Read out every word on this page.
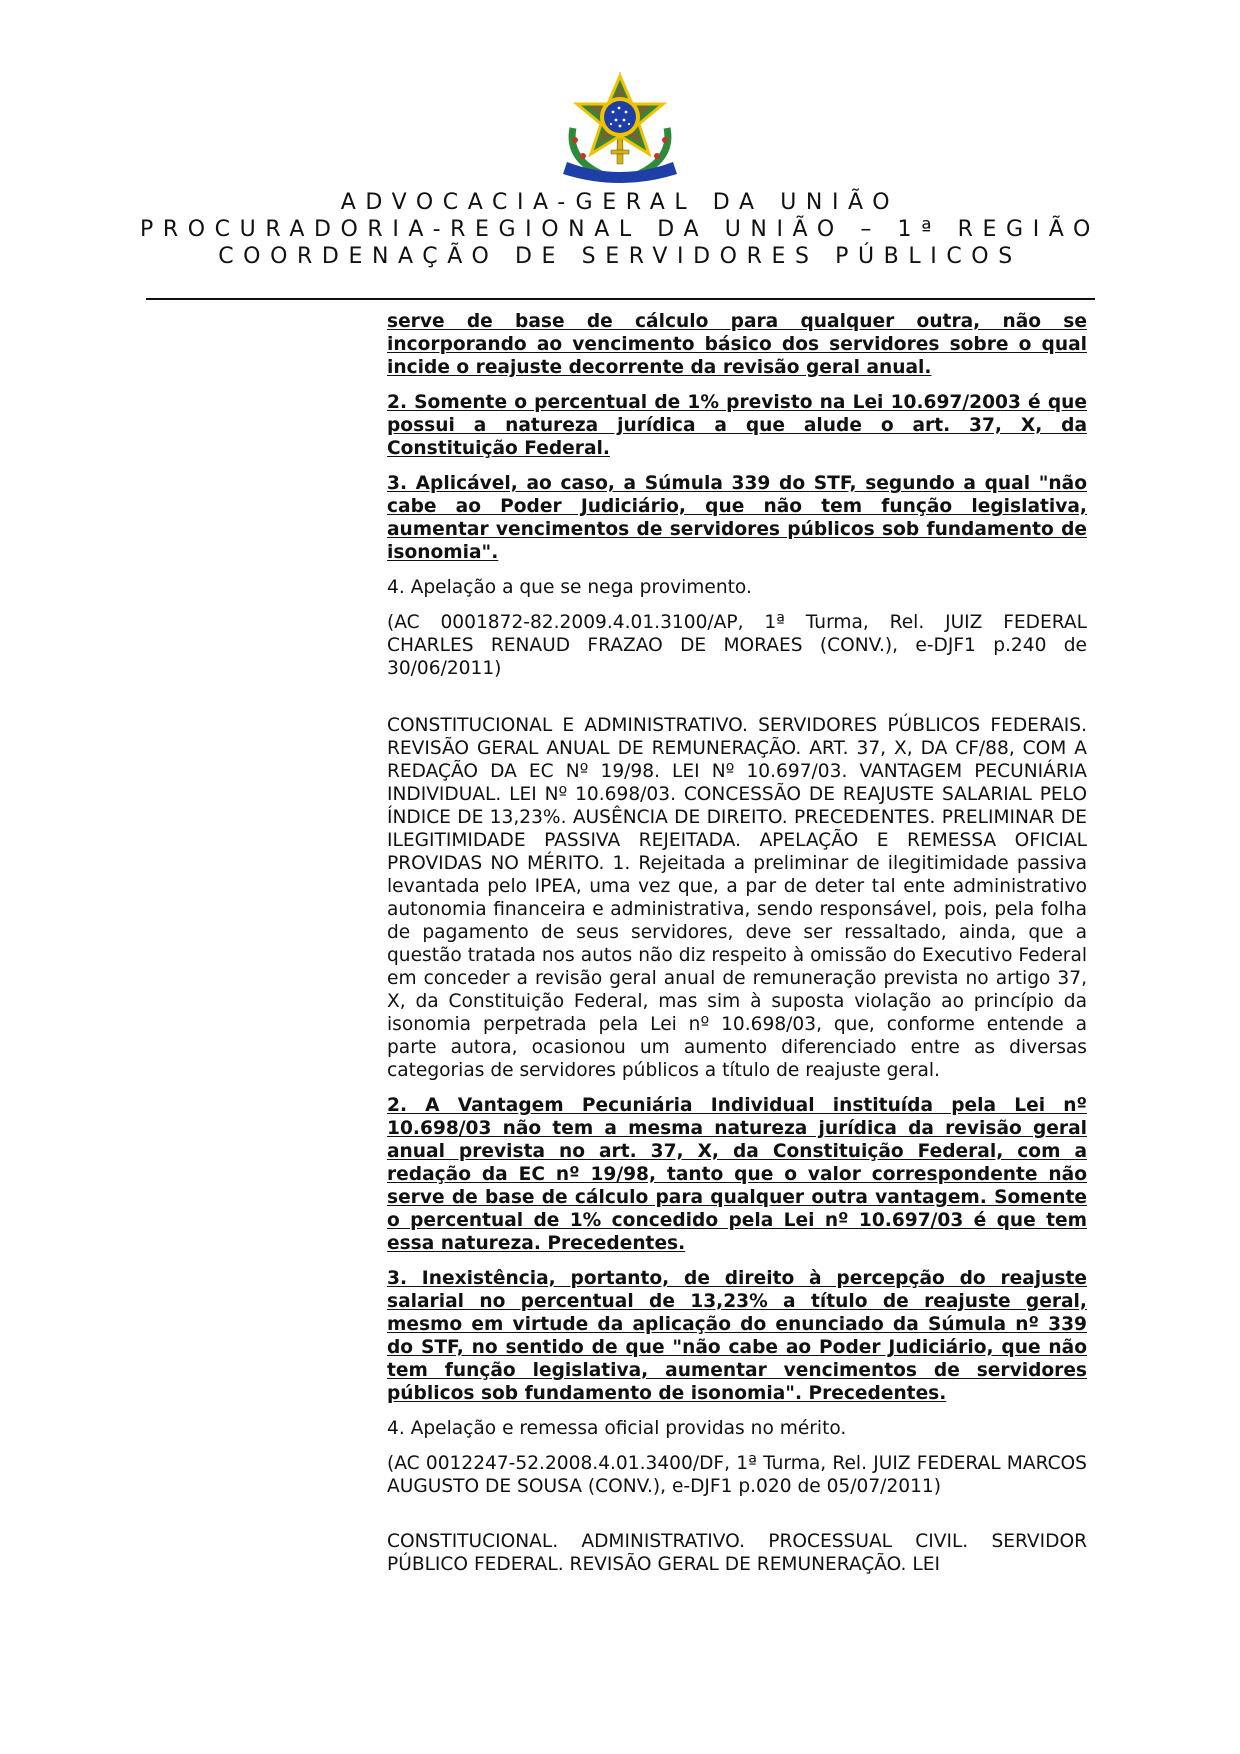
ADVOCACIA-GERAL DA UNIÃO
PROCURADORIA-REGIONAL DA UNIÃO – 1ª REGIÃO
COORDENAÇÃO DE SERVIDORES PÚBLICOS

serve de base de cálculo para qualquer outra, não se incorporando ao vencimento básico dos servidores sobre o qual incide o reajuste decorrente da revisão geral anual.

2. Somente o percentual de 1% previsto na Lei 10.697/2003 é que possui a natureza jurídica a que alude o art. 37, X, da Constituição Federal.

3. Aplicável, ao caso, a Súmula 339 do STF, segundo a qual "não cabe ao Poder Judiciário, que não tem função legislativa, aumentar vencimentos de servidores públicos sob fundamento de isonomia".

4. Apelação a que se nega provimento.

(AC 0001872-82.2009.4.01.3100/AP, 1ª Turma, Rel. JUIZ FEDERAL CHARLES RENAUD FRAZAO DE MORAES (CONV.), e-DJF1 p.240 de 30/06/2011)

CONSTITUCIONAL E ADMINISTRATIVO. SERVIDORES PÚBLICOS FEDERAIS. REVISÃO GERAL ANUAL DE REMUNERAÇÃO. ART. 37, X, DA CF/88, COM A REDAÇÃO DA EC Nº 19/98. LEI Nº 10.697/03. VANTAGEM PECUNIÁRIA INDIVIDUAL. LEI Nº 10.698/03. CONCESSÃO DE REAJUSTE SALARIAL PELO ÍNDICE DE 13,23%. AUSÊNCIA DE DIREITO. PRECEDENTES. PRELIMINAR DE ILEGITIMIDADE PASSIVA REJEITADA. APELAÇÃO E REMESSA OFICIAL PROVIDAS NO MÉRITO. 1. Rejeitada a preliminar de ilegitimidade passiva levantada pelo IPEA, uma vez que, a par de deter tal ente administrativo autonomia financeira e administrativa, sendo responsável, pois, pela folha de pagamento de seus servidores, deve ser ressaltado, ainda, que a questão tratada nos autos não diz respeito à omissão do Executivo Federal em conceder a revisão geral anual de remuneração prevista no artigo 37, X, da Constituição Federal, mas sim à suposta violação ao princípio da isonomia perpetrada pela Lei nº 10.698/03, que, conforme entende a parte autora, ocasionou um aumento diferenciado entre as diversas categorias de servidores públicos a título de reajuste geral.

2. A Vantagem Pecuniária Individual instituída pela Lei nº 10.698/03 não tem a mesma natureza jurídica da revisão geral anual prevista no art. 37, X, da Constituição Federal, com a redação da EC nº 19/98, tanto que o valor correspondente não serve de base de cálculo para qualquer outra vantagem. Somente o percentual de 1% concedido pela Lei nº 10.697/03 é que tem essa natureza. Precedentes.

3. Inexistência, portanto, de direito à percepção do reajuste salarial no percentual de 13,23% a título de reajuste geral, mesmo em virtude da aplicação do enunciado da Súmula nº 339 do STF, no sentido de que "não cabe ao Poder Judiciário, que não tem função legislativa, aumentar vencimentos de servidores públicos sob fundamento de isonomia". Precedentes.

4. Apelação e remessa oficial providas no mérito.

(AC 0012247-52.2008.4.01.3400/DF, 1ª Turma, Rel. JUIZ FEDERAL MARCOS AUGUSTO DE SOUSA (CONV.), e-DJF1 p.020 de 05/07/2011)

CONSTITUCIONAL. ADMINISTRATIVO. PROCESSUAL CIVIL. SERVIDOR PÚBLICO FEDERAL. REVISÃO GERAL DE REMUNERAÇÃO. LEI
